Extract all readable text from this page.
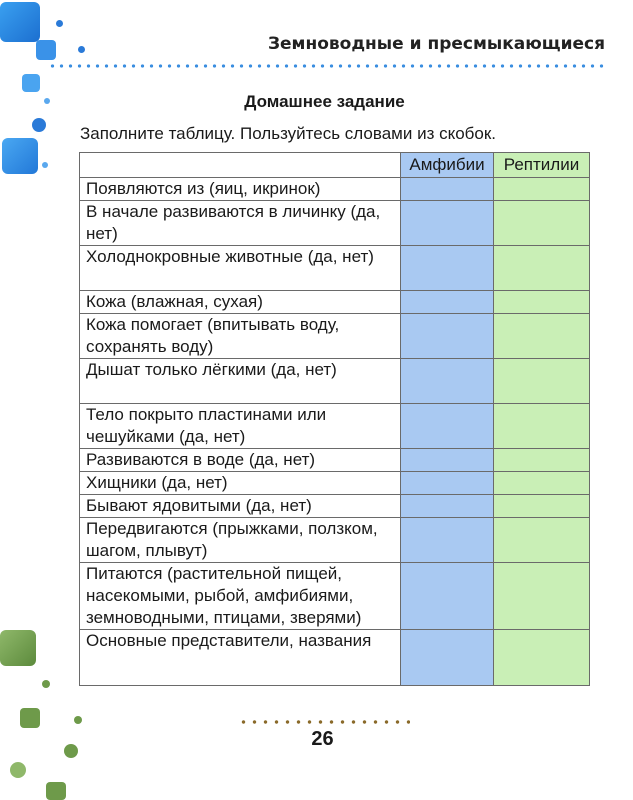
Земноводные и пресмыкающиеся
Домашнее задание
Заполните таблицу. Пользуйтесь словами из скобок.
	Амфибии	Рептилии
Появляются из (яиц, икринок)		
В начале развиваются в личинку (да, нет)		
Холоднокровные животные (да, нет)		
Кожа (влажная, сухая)		
Кожа помогает (впитывать воду, сохранять воду)		
Дышат только лёгкими (да, нет)		
Тело покрыто пластинами или чешуйками (да, нет)		
Развиваются в воде (да, нет)		
Хищники (да, нет)		
Бывают ядовитыми (да, нет)		
Передвигаются (прыжками, ползком, шагом, плывут)		
Питаются (растительной пищей, насекомыми, рыбой, амфибиями, земноводными, птицами, зверями)		
Основные представители, названия		
26
